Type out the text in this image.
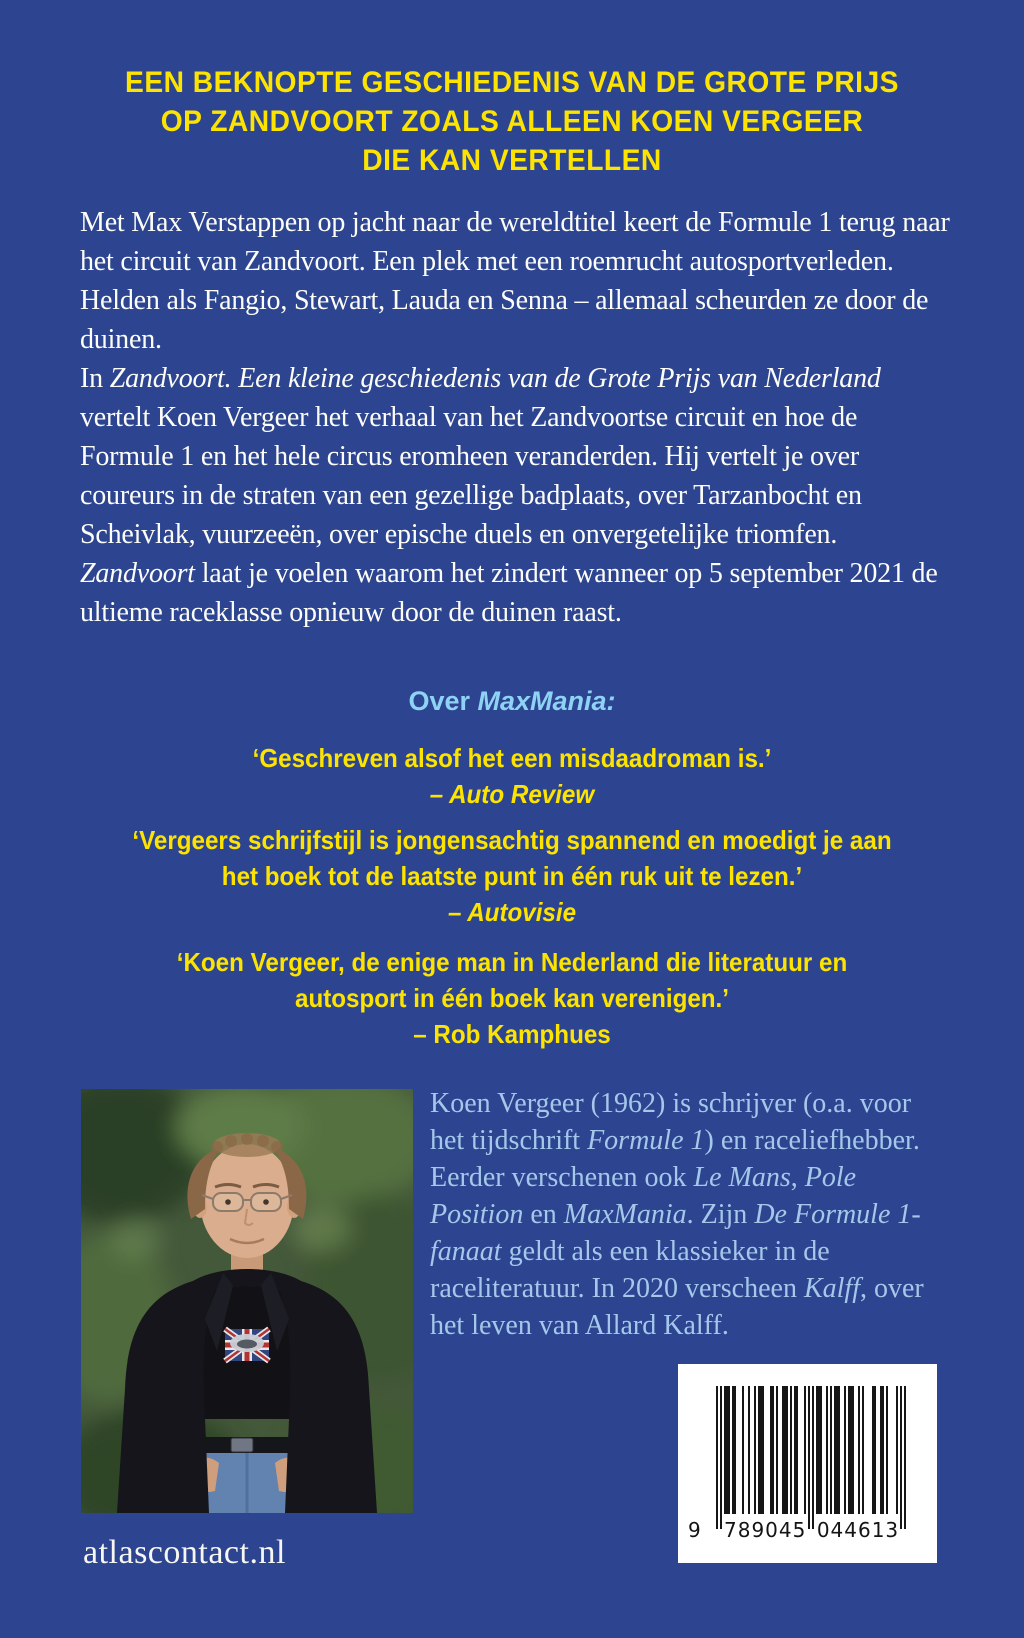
EEN BEKNOPTE GESCHIEDENIS VAN DE GROTE PRIJS
OP ZANDVOORT ZOALS ALLEEN KOEN VERGEER
DIE KAN VERTELLEN

Met Max Verstappen op jacht naar de wereldtitel keert de Formule 1 terug naar het circuit van Zandvoort. Een plek met een roemrucht autosportverleden. Helden als Fangio, Stewart, Lauda en Senna – allemaal scheurden ze door de duinen.
In Zandvoort. Een kleine geschiedenis van de Grote Prijs van Nederland vertelt Koen Vergeer het verhaal van het Zandvoortse circuit en hoe de Formule 1 en het hele circus eromheen veranderden. Hij vertelt je over coureurs in de straten van een gezellige badplaats, over Tarzanbocht en Scheivlak, vuurzeeën, over epische duels en onvergetelijke triomfen. Zandvoort laat je voelen waarom het zindert wanneer op 5 september 2021 de ultieme raceklasse opnieuw door de duinen raast.

Over MaxMania:
‘Geschreven alsof het een misdaadroman is.’
– Auto Review
‘Vergeers schrijfstijl is jongensachtig spannend en moedigt je aan
het boek tot de laatste punt in één ruk uit te lezen.’
– Autovisie
‘Koen Vergeer, de enige man in Nederland die literatuur en
autosport in één boek kan verenigen.’
– Rob Kamphues

Koen Vergeer (1962) is schrijver (o.a. voor het tijdschrift Formule 1) en raceliefhebber. Eerder verschenen ook Le Mans, Pole Position en MaxMania. Zijn De Formule 1-fanaat geldt als een klassieker in de raceliteratuur. In 2020 verscheen Kalff, over het leven van Allard Kalff.

atlascontact.nl
9 789045 044613
